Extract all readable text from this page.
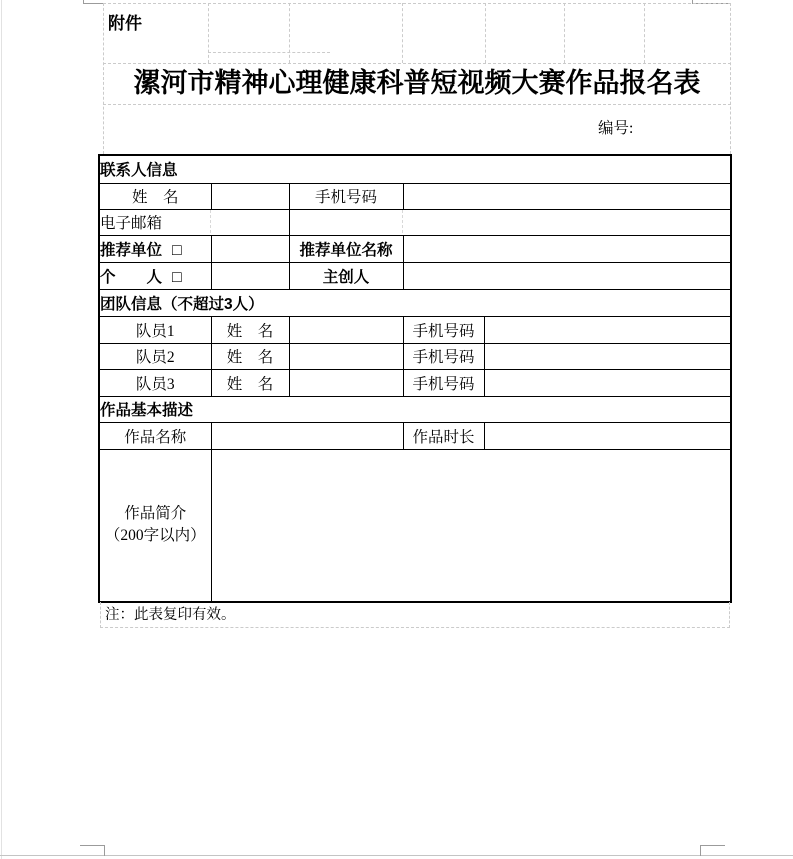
附件
漯河市精神心理健康科普短视频大赛作品报名表
编号:
联系人信息				
姓　名		手机号码		
电子邮箱				
推荐单位 □		推荐单位名称		
个　　人 □		主创人		
团队信息（不超过3人）				
队员1	姓　名		手机号码	
队员2	姓　名		手机号码	
队员3	姓　名		手机号码	
作品基本描述				
作品名称			作品时长	

作品简介
（200字以内）				

注：此表复印有效。
